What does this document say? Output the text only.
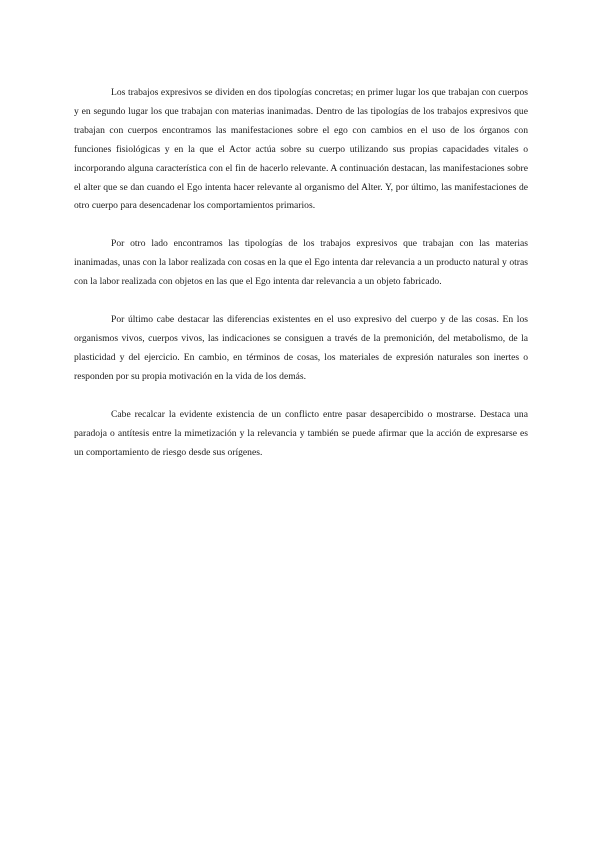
Los trabajos expresivos se dividen en dos tipologías concretas; en primer lugar los que trabajan con cuerpos y en segundo lugar los que trabajan con materias inanimadas. Dentro de las tipologías de los trabajos expresivos que trabajan con cuerpos encontramos las manifestaciones sobre el ego con cambios en el uso de los órganos con funciones fisiológicas y en la que el Actor actúa sobre su cuerpo utilizando sus propias capacidades vitales o incorporando alguna característica con el fin de hacerlo relevante. A continuación destacan, las manifestaciones sobre el alter que se dan cuando el Ego intenta hacer relevante al organismo del Alter. Y, por último, las manifestaciones de otro cuerpo para desencadenar los comportamientos primarios.

Por otro lado encontramos las tipologías de los trabajos expresivos que trabajan con las materias inanimadas, unas con la labor realizada con cosas en la que el Ego intenta dar relevancia a un producto natural y otras con la labor realizada con objetos en las que el Ego intenta dar relevancia a un objeto fabricado.

Por último cabe destacar las diferencias existentes en el uso expresivo del cuerpo y de las cosas. En los organismos vivos, cuerpos vivos, las indicaciones se consiguen a través de la premonición, del metabolismo, de la plasticidad y del ejercicio. En cambio, en términos de cosas, los materiales de expresión naturales son inertes o responden por su propia motivación en la vida de los demás.

Cabe recalcar la evidente existencia de un conflicto entre pasar desapercibido o mostrarse. Destaca una paradoja o antítesis entre la mimetización y la relevancia y también se puede afirmar que la acción de expresarse es un comportamiento de riesgo desde sus orígenes.
